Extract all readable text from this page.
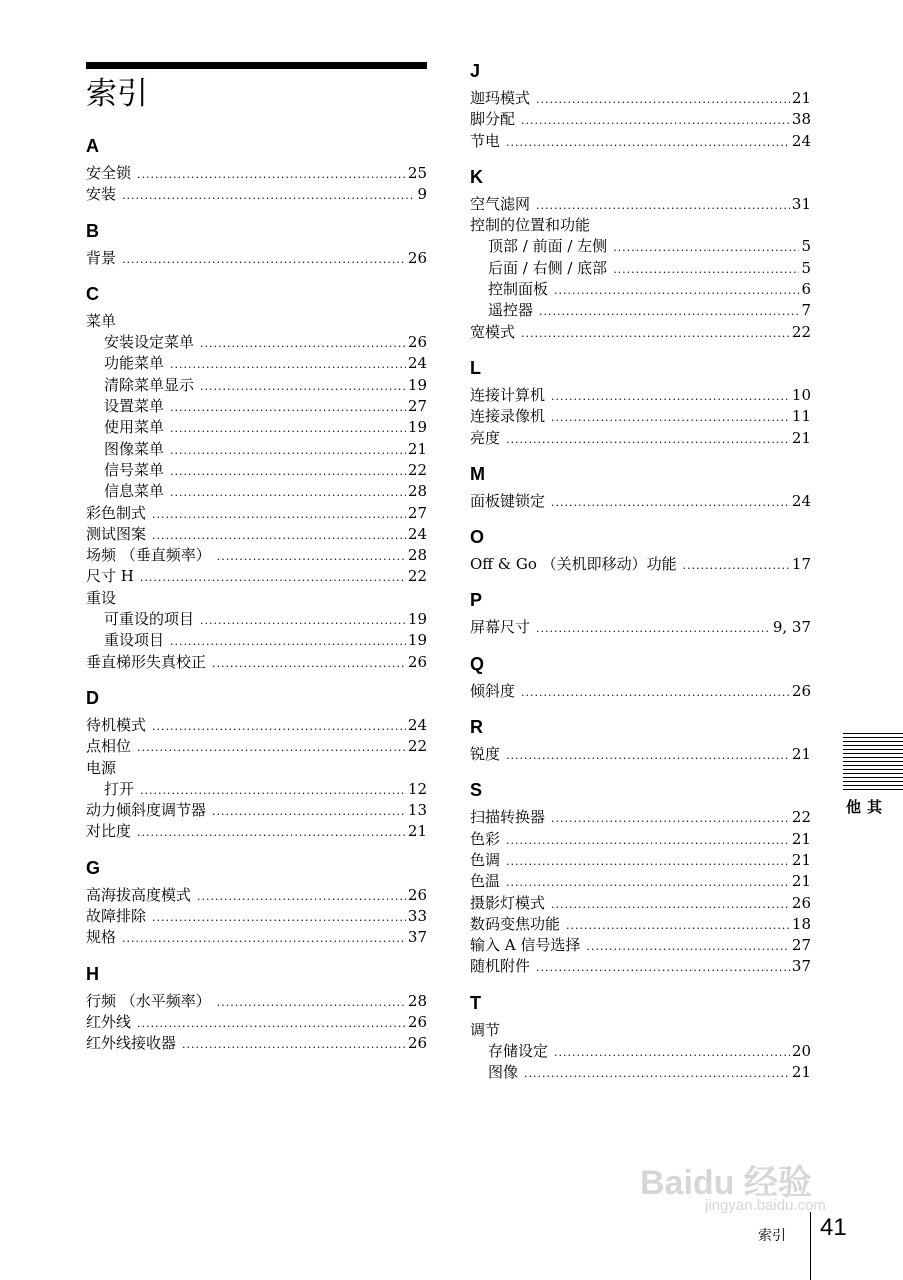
索引
A
安全锁 .....	25
安装 .....	9
B
背景 .....	26
C
菜单
安装设定菜单 .....	26
功能菜单 .....	24
清除菜单显示 .....	19
设置菜单 .....	27
使用菜单 .....	19
图像菜单 .....	21
信号菜单 .....	22
信息菜单 .....	28
彩色制式 .....	27
测试图案 .....	24
场频 （垂直频率） .....	28
尺寸 H .....	22
重设
可重设的项目 .....	19
重设项目 .....	19
垂直梯形失真校正 .....	26
D
待机模式 .....	24
点相位 .....	22
电源
打开 .....	12
动力倾斜度调节器 .....	13
对比度 .....	21
G
高海拔高度模式 .....	26
故障排除 .....	33
规格 .....	37
H
行频 （水平频率） .....	28
红外线 .....	26
红外线接收器 .....	26
J
迦玛模式 .....	21
脚分配 .....	38
节电 .....	24
K
空气滤网 .....	31
控制的位置和功能
顶部 / 前面 / 左侧 .....	5
后面 / 右侧 / 底部 .....	5
控制面板 .....	6
遥控器 .....	7
宽模式 .....	22
L
连接计算机 .....	10
连接录像机 .....	11
亮度 .....	21
M
面板键锁定 .....	24
O
Off & Go （关机即移动）功能 .....	17
P
屏幕尺寸 .....	9, 37
Q
倾斜度 .....	26
R
锐度 .....	21
S
扫描转换器 .....	22
色彩 .....	21
色调 .....	21
色温 .....	21
摄影灯模式 .....	26
数码变焦功能 .....	18
输入 A 信号选择 .....	27
随机附件 .....	37
T
调节
存储设定 .....	20
图像 .....	21
其他
索引 41
Baidu 经验
jingyan.baidu.com
